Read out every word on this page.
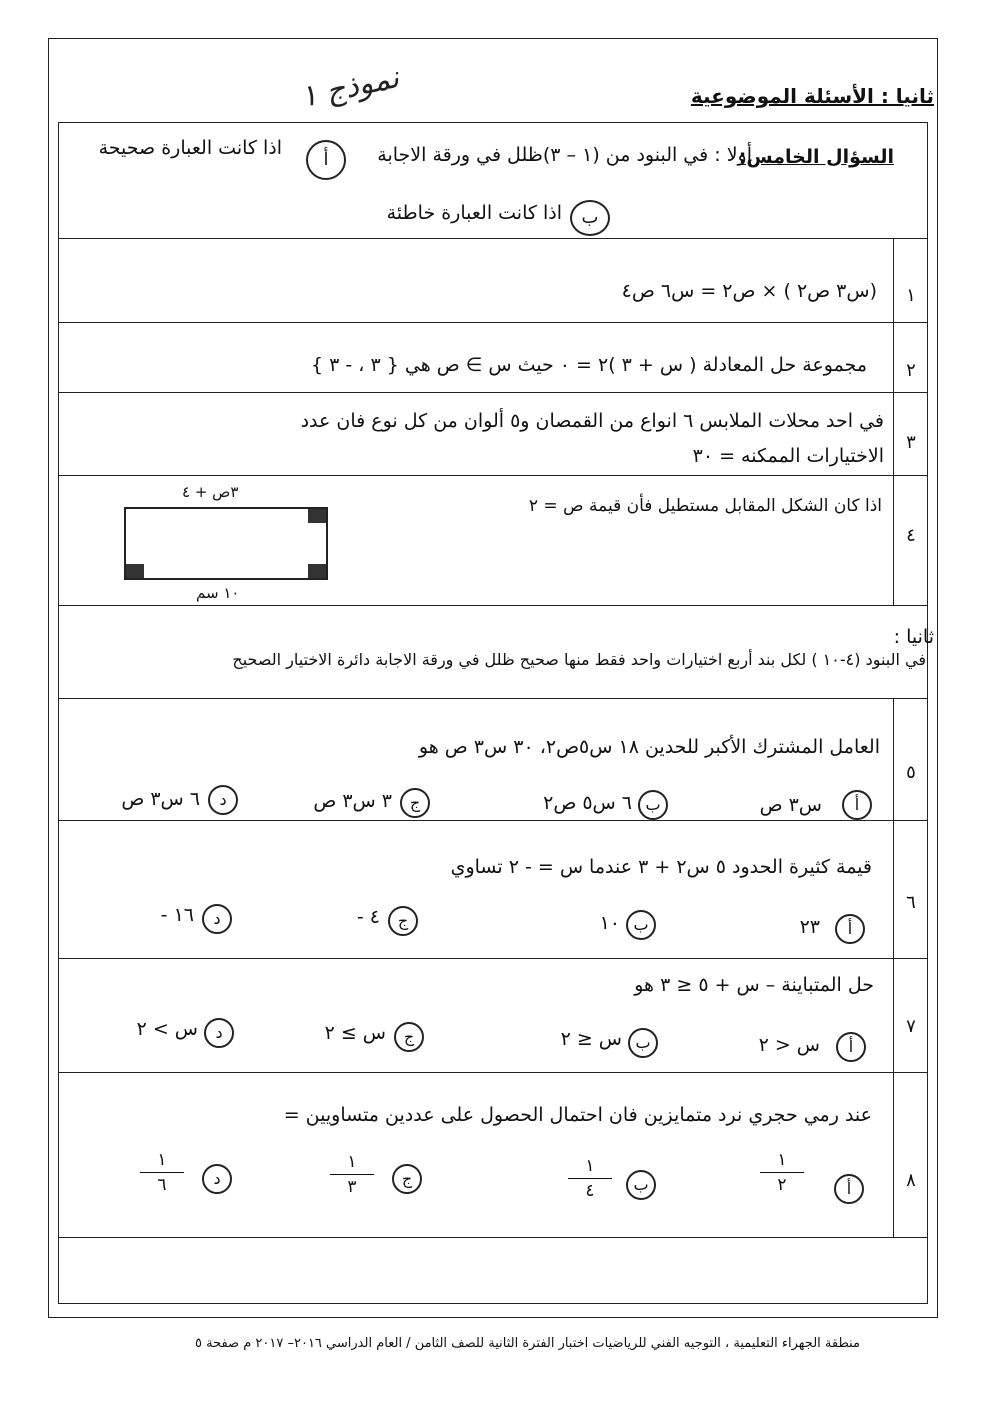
ثانيا : الأسئلة الموضوعية
نموذج ١
السؤال الخامس:
أولا : في البنود من (١ – ٣)ظلل في ورقة الاجابة
أ
اذا كانت العبارة صحيحة
ب
اذا كانت العبارة خاطئة
١
(س٣ ص٢ ) × ص٢ = س٦ ص٤
٢
مجموعة حل المعادلة ( س + ٣ )٢ = ٠ حيث س ∋ ص هي { ٣ ، - ٣ }
٣
في احد محلات الملابس ٦ انواع من القمصان و٥ ألوان من كل نوع فان عدد
الاختيارات الممكنه = ٣٠
٤
اذا كان الشكل المقابل مستطيل فأن قيمة ص = ٢
٣ص + ٤
١٠ سم
ثانيا :
في البنود (٤-١٠ ) لكل بند أربع اختيارات واحد فقط منها صحيح ظلل في ورقة الاجابة دائرة الاختيار الصحيح
٥
العامل المشترك الأكبر للحدين ١٨ س٥ص٢، ٣٠ س٣ ص هو
أ
س٣ ص
ب
٦ س٥ ص٢
ج
٣ س٣ ص
د
٦ س٣ ص
٦
قيمة كثيرة الحدود ٥ س٢ + ٣ عندما س = - ٢ تساوي
أ
٢٣
ب
١٠
ج
- ٤
د
- ١٦
٧
حل المتباينة – س + ٥ ≤ ٣ هو
أ
س < ٢
ب
س ≤ ٢
ج
س ≥ ٢
د
س > ٢
٨
عند رمي حجري نرد متمايزين فان احتمال الحصول على عددين متساويين =
أ
١
٢
ب
١
٤
ج
١
٣
د
١
٦
منطقة الجهراء التعليمية ، التوجيه الفني للرياضيات اختبار الفترة الثانية للصف الثامن / العام الدراسي ٢٠١٦– ٢٠١٧ م صفحة ٥
